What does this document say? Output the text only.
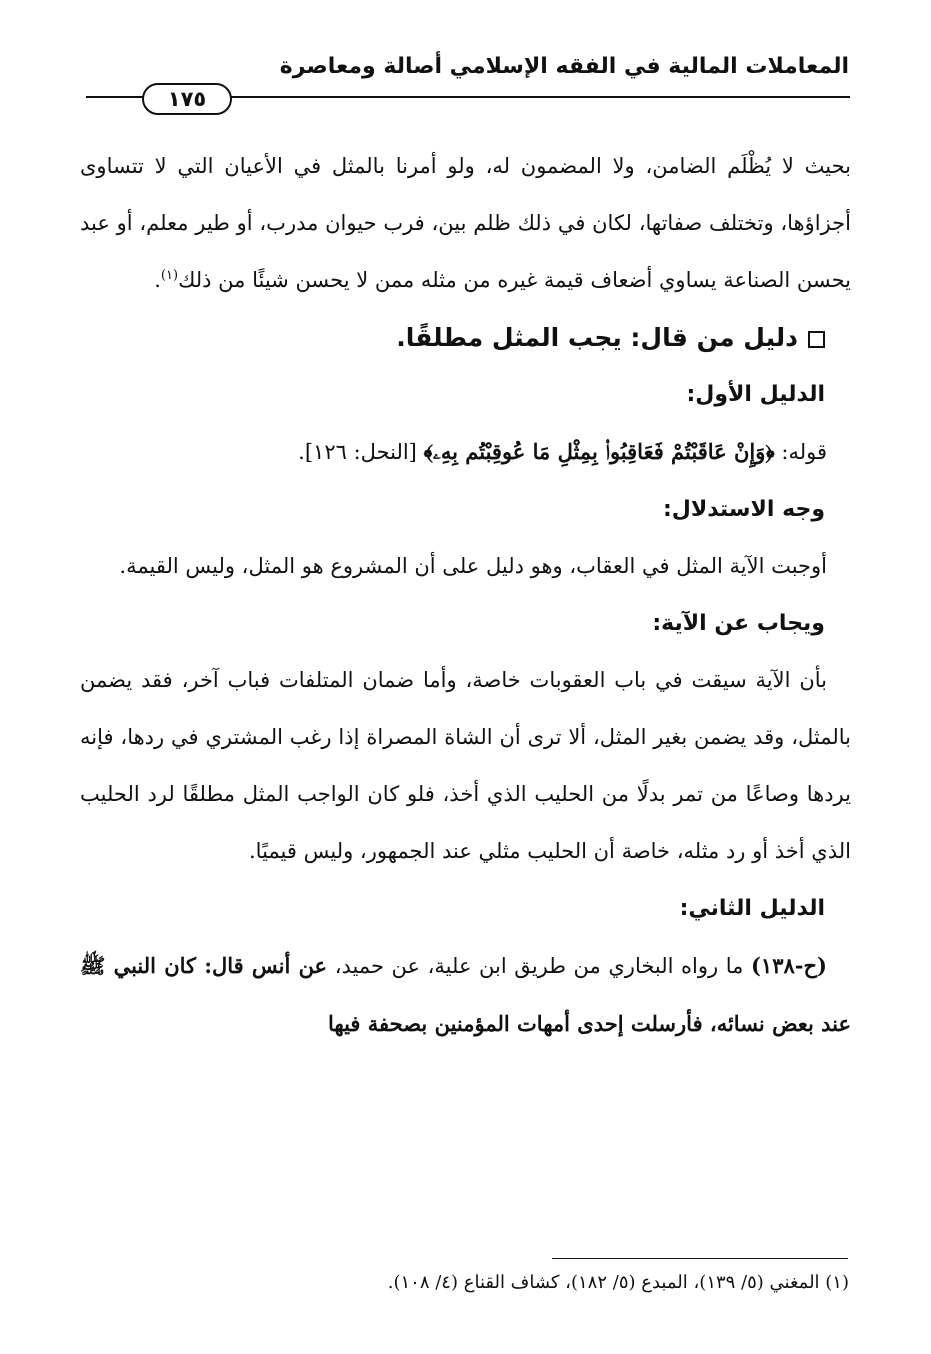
المعاملات المالية في الفقه الإسلامي أصالة ومعاصرة
١٧٥

بحيث لا يُظْلَم الضامن، ولا المضمون له، ولو أمرنا بالمثل في الأعيان التي لا تتساوى أجزاؤها، وتختلف صفاتها، لكان في ذلك ظلم بين، فرب حيوان مدرب، أو طير معلم، أو عبد يحسن الصناعة يساوي أضعاف قيمة غيره من مثله ممن لا يحسن شيئًا من ذلك$^{(١)}$.

دليل من قال: يجب المثل مطلقًا.

الدليل الأول:

قوله: ﴿وَإِنْ عَاقَبْتُمْ فَعَاقِبُوا۟ بِمِثْلِ مَا عُوقِبْتُم بِهِۦ﴾ [النحل: ١٢٦].

وجه الاستدلال:

أوجبت الآية المثل في العقاب، وهو دليل على أن المشروع هو المثل، وليس القيمة.

ويجاب عن الآية:

بأن الآية سيقت في باب العقوبات خاصة، وأما ضمان المتلفات فباب آخر، فقد يضمن بالمثل، وقد يضمن بغير المثل، ألا ترى أن الشاة المصراة إذا رغب المشتري في ردها، فإنه يردها وصاعًا من تمر بدلًا من الحليب الذي أخذ، فلو كان الواجب المثل مطلقًا لرد الحليب الذي أخذ أو رد مثله، خاصة أن الحليب مثلي عند الجمهور، وليس قيميًا.

الدليل الثاني:

(ح-١٣٨) ما رواه البخاري من طريق ابن علية، عن حميد، عن أنس قال: كان النبي ﷺ عند بعض نسائه، فأرسلت إحدى أمهات المؤمنين بصحفة فيها

(١) المغني (٥/ ١٣٩)، المبدع (٥/ ١٨٢)، كشاف القناع (٤/ ١٠٨).
